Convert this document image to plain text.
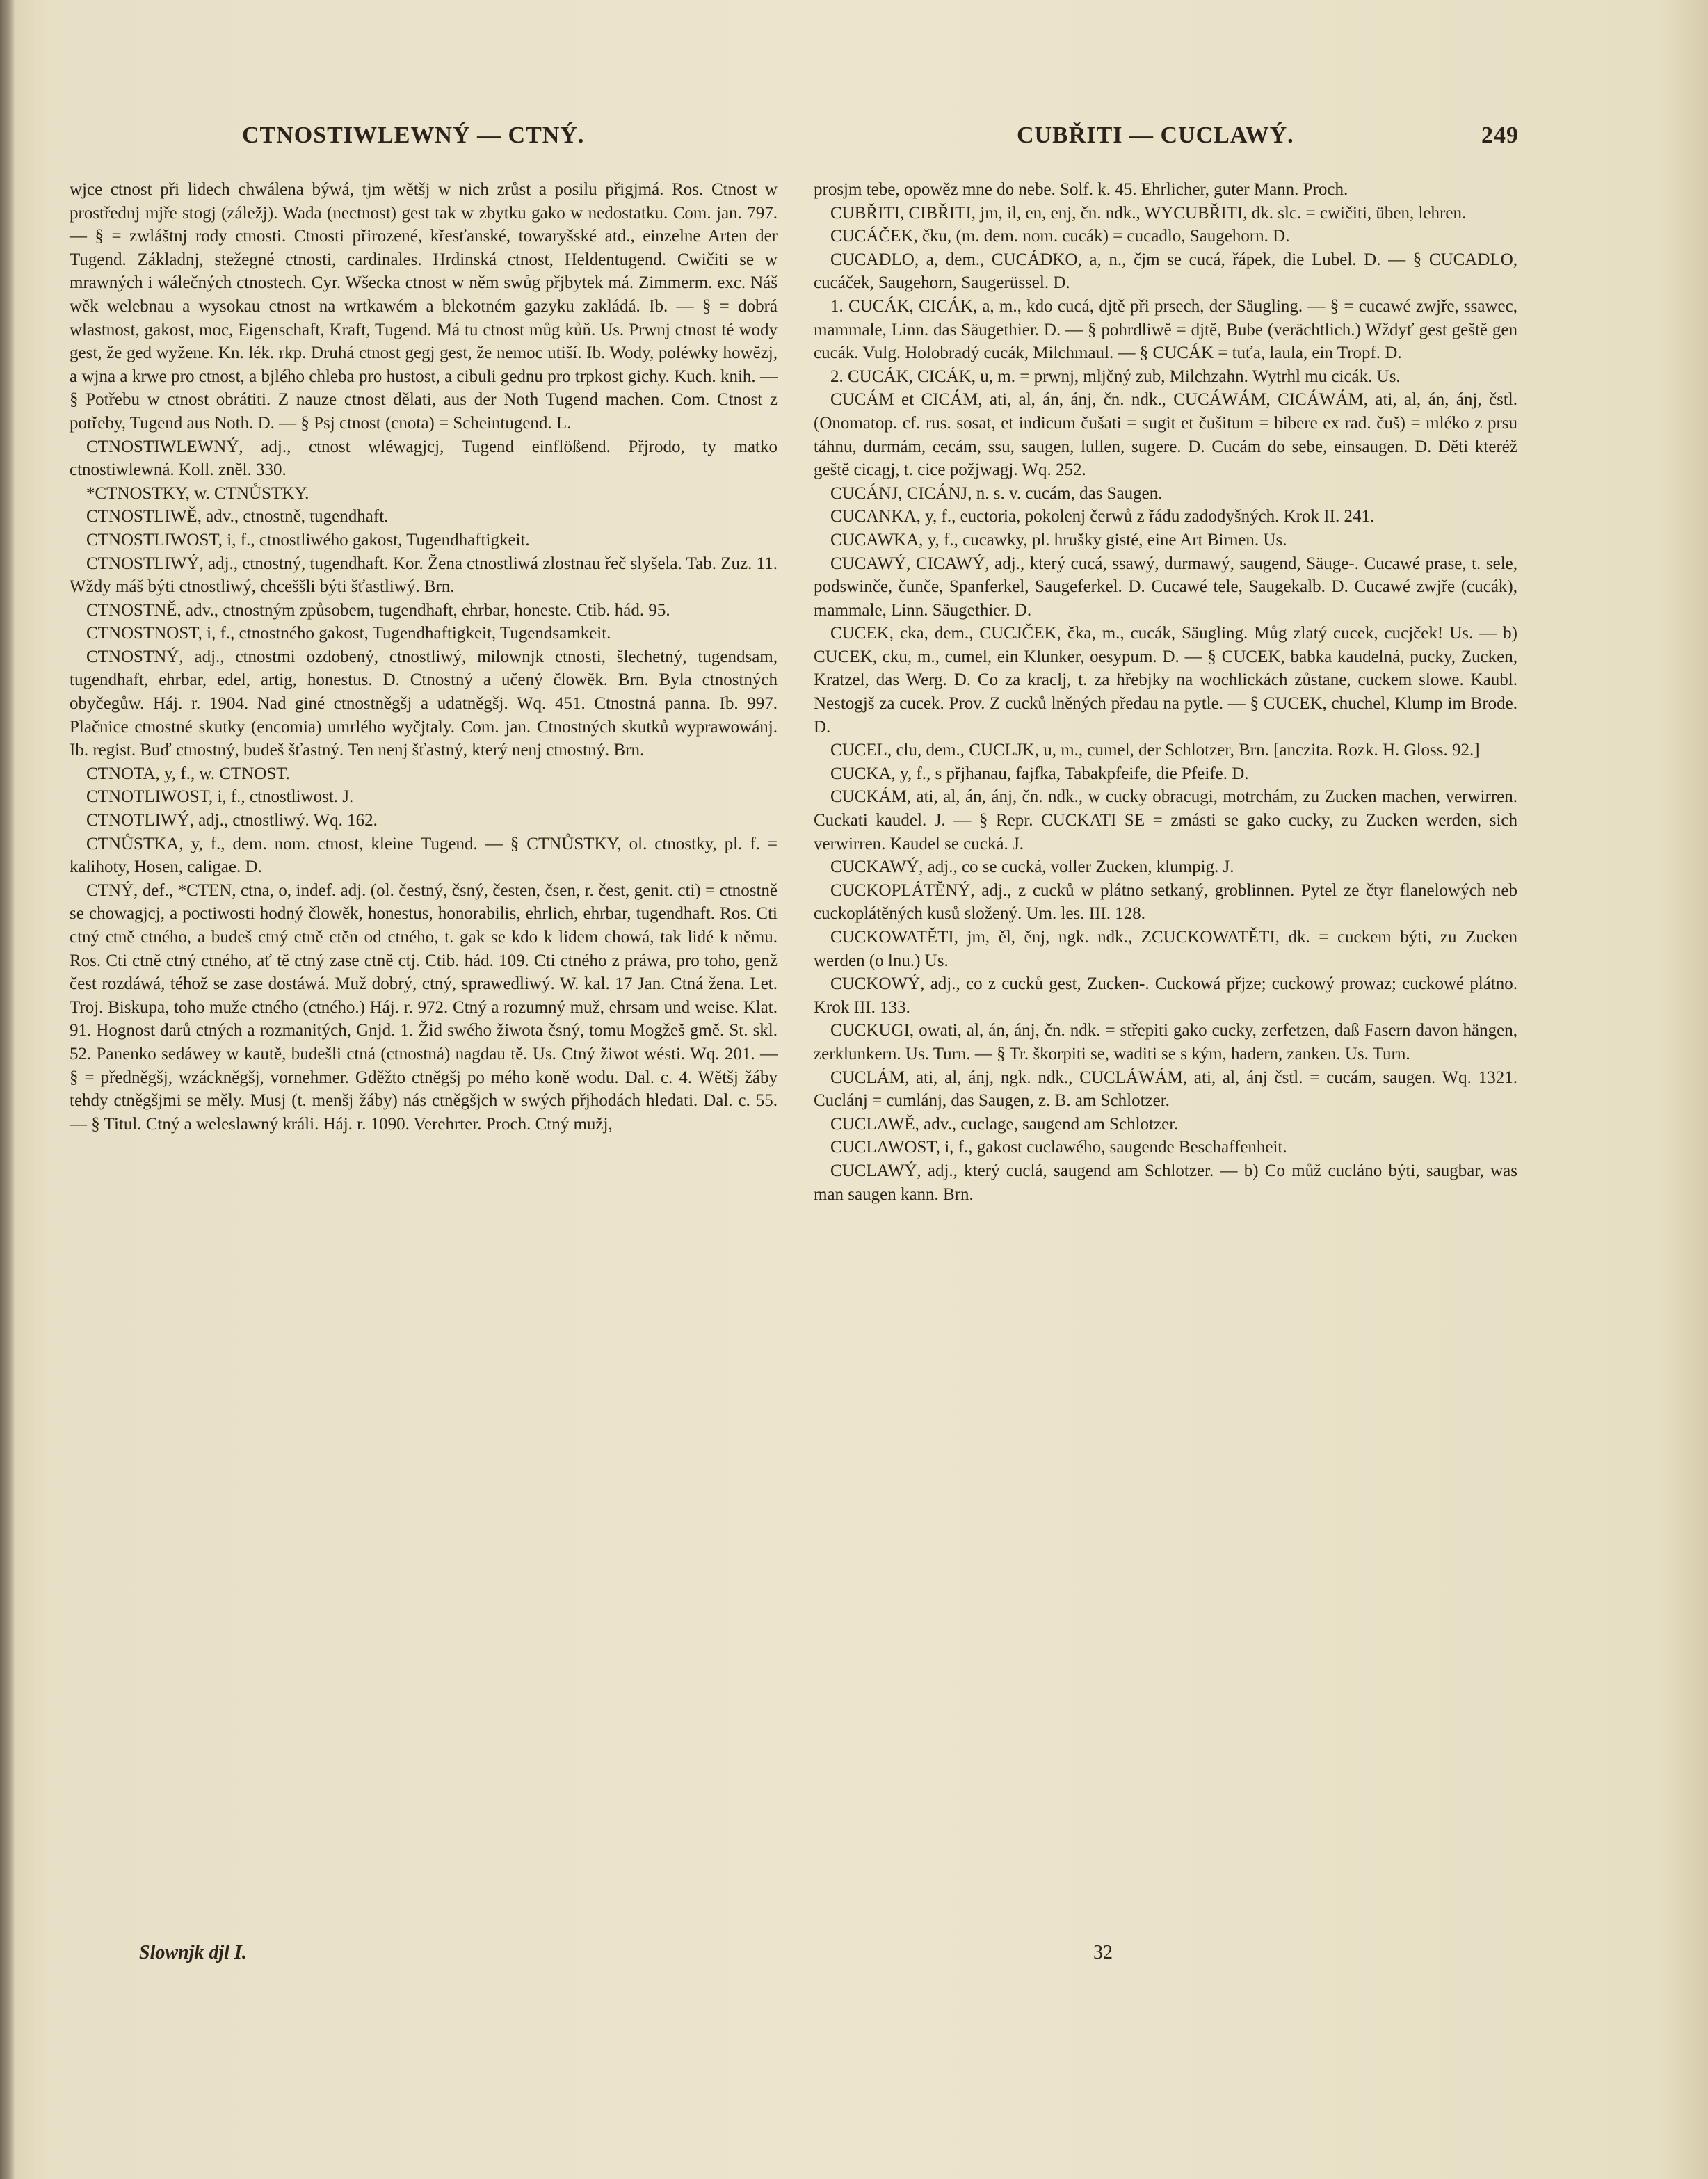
CTNOSTIWLEWNÝ — CTNÝ.	CUBŘITI — CUCLAWÝ.	249

wjce ctnost při lidech chwálena býwá, tjm wětšj w nich zrůst a posilu přigjmá. Ros. Ctnost w prostřednj mjře stogj (záležj). Wada (nectnost) gest tak w zbytku gako w nedostatku. Com. jan. 797. — § = zwláštnj rody ctnosti. Ctnosti přirozené, křesťanské, towaryšské atd., einzelne Arten der Tugend. Základnj, stežegné ctnosti, cardinales. Hrdinská ctnost, Heldentugend. Cwičiti se w mrawných i wálečných ctnostech. Cyr. Wšecka ctnost w něm swůg přjbytek má. Zimmerm. exc. Náš wěk welebnau a wysokau ctnost na wrtkawém a blekotném gazyku zakládá. Ib. — § = dobrá wlastnost, gakost, moc, Eigenschaft, Kraft, Tugend. Má tu ctnost můg kůň. Us. Prwnj ctnost té wody gest, že ged wyžene. Kn. lék. rkp. Druhá ctnost gegj gest, že nemoc utiší. Ib. Wody, poléwky howězj, a wjna a krwe pro ctnost, a bjlého chleba pro hustost, a cibuli gednu pro trpkost gichy. Kuch. knih. — § Potřebu w ctnost obrátiti. Z nauze ctnost dělati, aus der Noth Tugend machen. Com. Ctnost z potřeby, Tugend aus Noth. D. — § Psj ctnost (cnota) = Scheintugend. L.

CTNOSTIWLEWNÝ, adj., ctnost wléwagjcj, Tugend einflößend. Přjrodo, ty matko ctnostiwlewná. Koll. zněl. 330.

*CTNOSTKY, w. CTNŮSTKY.

CTNOSTLIWĚ, adv., ctnostně, tugendhaft.

CTNOSTLIWOST, i, f., ctnostliwého gakost, Tugendhaftigkeit.

CTNOSTLIWÝ, adj., ctnostný, tugendhaft. Kor. Žena ctnostliwá zlostnau řeč slyšela. Tab. Zuz. 11. Wždy máš býti ctnostliwý, chceššli býti šťastliwý. Brn.

CTNOSTNĚ, adv., ctnostným způsobem, tugendhaft, ehrbar, honeste. Ctib. hád. 95.

CTNOSTNOST, i, f., ctnostného gakost, Tugendhaftigkeit, Tugendsamkeit.

CTNOSTNÝ, adj., ctnostmi ozdobený, ctnostliwý, milownjk ctnosti, šlechetný, tugendsam, tugendhaft, ehrbar, edel, artig, honestus. D. Ctnostný a učený člowěk. Brn. Byla ctnostných obyčegůw. Háj. r. 1904. Nad giné ctnostněgšj a udatněgšj. Wq. 451. Ctnostná panna. Ib. 997. Plačnice ctnostné skutky (encomia) umrlého wyčjtaly. Com. jan. Ctnostných skutků wyprawowánj. Ib. regist. Buď ctnostný, budeš šťastný. Ten nenj šťastný, který nenj ctnostný. Brn.

CTNOTA, y, f., w. CTNOST.

CTNOTLIWOST, i, f., ctnostliwost. J.

CTNOTLIWÝ, adj., ctnostliwý. Wq. 162.

CTNŮSTKA, y, f., dem. nom. ctnost, kleine Tugend. — § CTNŮSTKY, ol. ctnostky, pl. f. = kalihoty, Hosen, caligae. D.

CTNÝ, def., *CTEN, ctna, o, indef. adj. (ol. čestný, čsný, česten, čsen, r. čest, genit. cti) = ctnostně se chowagjcj, a poctiwosti hodný člowěk, honestus, honorabilis, ehrlich, ehrbar, tugendhaft. Ros. Cti ctný ctně ctného, a budeš ctný ctně ctěn od ctného, t. gak se kdo k lidem chowá, tak lidé k němu. Ros. Cti ctně ctný ctného, ať tě ctný zase ctně ctj. Ctib. hád. 109. Cti ctného z práwa, pro toho, genž čest rozdáwá, téhož se zase dostáwá. Muž dobrý, ctný, sprawedliwý. W. kal. 17 Jan. Ctná žena. Let. Troj. Biskupa, toho muže ctného (ctného.) Háj. r. 972. Ctný a rozumný muž, ehrsam und weise. Klat. 91. Hognost darů ctných a rozmanitých, Gnjd. 1. Žid swého žiwota čsný, tomu Mogžeš gmě. St. skl. 52. Panenko sedáwey w kautě, budešli ctná (ctnostná) nagdau tě. Us. Ctný žiwot wésti. Wq. 201. — § = předněgšj, wzáckněgšj, vornehmer. Gděžto ctněgšj po mého koně wodu. Dal. c. 4. Wětšj žáby tehdy ctněgšjmi se měly. Musj (t. menšj žáby) nás ctněgšjch w swých přjhodách hledati. Dal. c. 55. — § Titul. Ctný a weleslawný králi. Háj. r. 1090. Verehrter. Proch. Ctný mužj,

prosjm tebe, opowěz mne do nebe. Solf. k. 45. Ehrlicher, guter Mann. Proch.

CUBŘITI, CIBŘITI, jm, il, en, enj, čn. ndk., WYCUBŘITI, dk. slc. = cwičiti, üben, lehren.

CUCÁČEK, čku, (m. dem. nom. cucák) = cucadlo, Saugehorn. D.

CUCADLO, a, dem., CUCÁDKO, a, n., čjm se cucá, řápek, die Lubel. D. — § CUCADLO, cucáček, Saugehorn, Saugerüssel. D.

1. CUCÁK, CICÁK, a, m., kdo cucá, djtě při prsech, der Säugling. — § = cucawé zwjře, ssawec, mammale, Linn. das Säugethier. D. — § pohrdliwě = djtě, Bube (verächtlich.) Wždyť gest geště gen cucák. Vulg. Holobradý cucák, Milchmaul. — § CUCÁK = tuťa, laula, ein Tropf. D.

2. CUCÁK, CICÁK, u, m. = prwnj, mljčný zub, Milchzahn. Wytrhl mu cicák. Us.

CUCÁM et CICÁM, ati, al, án, ánj, čn. ndk., CUCÁWÁM, CICÁWÁM, ati, al, án, ánj, čstl. (Onomatop. cf. rus. sosat, et indicum čušati = sugit et čušitum = bibere ex rad. čuš) = mléko z prsu táhnu, durmám, cecám, ssu, saugen, lullen, sugere. D. Cucám do sebe, einsaugen. D. Děti kteréž geště cicagj, t. cice požjwagj. Wq. 252.

CUCÁNJ, CICÁNJ, n. s. v. cucám, das Saugen.

CUCANKA, y, f., euctoria, pokolenj čerwů z řádu zadodyšných. Krok II. 241.

CUCAWKA, y, f., cucawky, pl. hrušky gisté, eine Art Birnen. Us.

CUCAWÝ, CICAWÝ, adj., který cucá, ssawý, durmawý, saugend, Säuge-. Cucawé prase, t. sele, podswinče, čunče, Spanferkel, Saugeferkel. D. Cucawé tele, Saugekalb. D. Cucawé zwjře (cucák), mammale, Linn. Säugethier. D.

CUCEK, cka, dem., CUCJČEK, čka, m., cucák, Säugling. Můg zlatý cucek, cucjček! Us. — b) CUCEK, cku, m., cumel, ein Klunker, oesypum. D. — § CUCEK, babka kaudelná, pucky, Zucken, Kratzel, das Werg. D. Co za kraclj, t. za hřebjky na wochlickách zůstane, cuckem slowe. Kaubl. Nestogjš za cucek. Prov. Z cucků lněných předau na pytle. — § CUCEK, chuchel, Klump im Brode. D.

CUCEL, clu, dem., CUCLJK, u, m., cumel, der Schlotzer, Brn. [anczita. Rozk. H. Gloss. 92.]

CUCKA, y, f., s přjhanau, fajfka, Tabakpfeife, die Pfeife. D.

CUCKÁM, ati, al, án, ánj, čn. ndk., w cucky obracugi, motrchám, zu Zucken machen, verwirren. Cuckati kaudel. J. — § Repr. CUCKATI SE = zmásti se gako cucky, zu Zucken werden, sich verwirren. Kaudel se cucká. J.

CUCKAWÝ, adj., co se cucká, voller Zucken, klumpig. J.

CUCKOPLÁTĚNÝ, adj., z cucků w plátno setkaný, groblinnen. Pytel ze čtyr flanelowých neb cuckoplátěných kusů složený. Um. les. III. 128.

CUCKOWATĚTI, jm, ěl, ěnj, ngk. ndk., ZCUCKOWATĚTI, dk. = cuckem býti, zu Zucken werden (o lnu.) Us.

CUCKOWÝ, adj., co z cucků gest, Zucken-. Cuckowá přjze; cuckowý prowaz; cuckowé plátno. Krok III. 133.

CUCKUGI, owati, al, án, ánj, čn. ndk. = střepiti gako cucky, zerfetzen, daß Fasern davon hängen, zerklunkern. Us. Turn. — § Tr. škorpiti se, waditi se s kým, hadern, zanken. Us. Turn.

CUCLÁM, ati, al, ánj, ngk. ndk., CUCLÁWÁM, ati, al, ánj čstl. = cucám, saugen. Wq. 1321. Cuclánj = cumlánj, das Saugen, z. B. am Schlotzer.

CUCLAWĚ, adv., cuclage, saugend am Schlotzer.

CUCLAWOST, i, f., gakost cuclawého, saugende Beschaffenheit.

CUCLAWÝ, adj., který cuclá, saugend am Schlotzer. — b) Co můž cucláno býti, saugbar, was man saugen kann. Brn.

Slownjk djl I.	32
